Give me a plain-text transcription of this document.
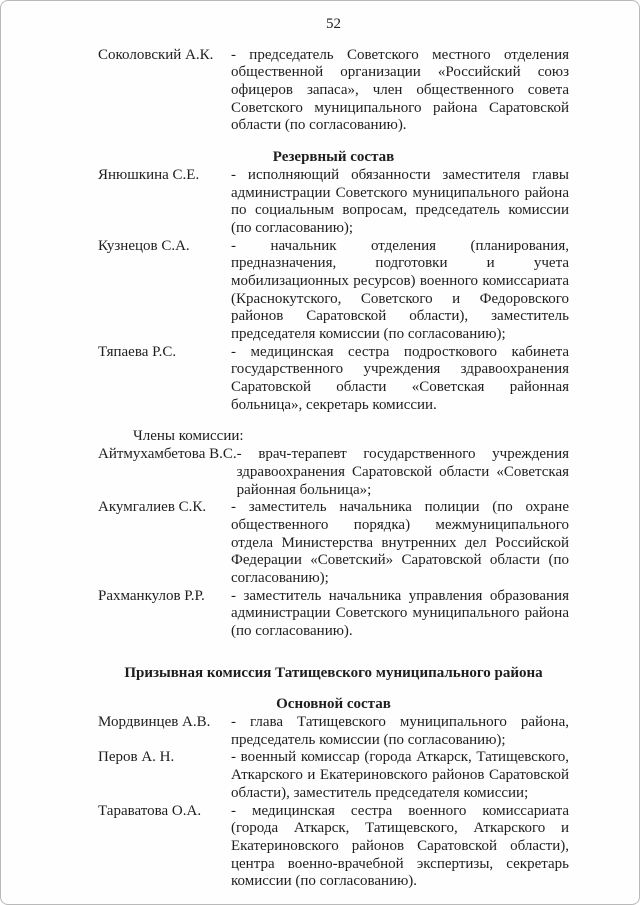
52
Соколовский А.К.	- председатель Советского местного отделения общественной организации «Российский союз офицеров запаса», член общественного совета Советского муниципального района Саратовской области (по согласованию).
Резервный состав
Янюшкина С.Е.	- исполняющий обязанности заместителя главы администрации Советского муниципального района по социальным вопросам, председатель комиссии (по согласованию);
Кузнецов С.А.	- начальник отделения (планирования, предназначения, подготовки и учета мобилизационных ресурсов) военного комиссариата (Краснокутского, Советского и Федоровского районов Саратовской области), заместитель председателя комиссии (по согласованию);
Тяпаева Р.С.	- медицинская сестра подросткового кабинета государственного учреждения здравоохранения Саратовской области «Советская районная больница», секретарь комиссии.
Члены комиссии:
Айтмухамбетова В.С. - врач-терапевт государственного учреждения здравоохранения Саратовской области «Советская районная больница»;
Акумгалиев С.К.	- заместитель начальника полиции (по охране общественного порядка) межмуниципального отдела Министерства внутренних дел Российской Федерации «Советский» Саратовской области (по согласованию);
Рахманкулов Р.Р.	- заместитель начальника управления образования администрации Советского муниципального района (по согласованию).
Призывная комиссия Татищевского муниципального района
Основной состав
Мордвинцев А.В.	- глава Татищевского муниципального района, председатель комиссии (по согласованию);
Перов А. Н.	- военный комиссар (города Аткарск, Татищевского, Аткарского и Екатериновского районов Саратовской области), заместитель председателя комиссии;
Тараватова О.А.	- медицинская сестра военного комиссариата (города Аткарск, Татищевского, Аткарского и Екатериновского районов Саратовской области), центра военно-врачебной экспертизы, секретарь комиссии (по согласованию).
